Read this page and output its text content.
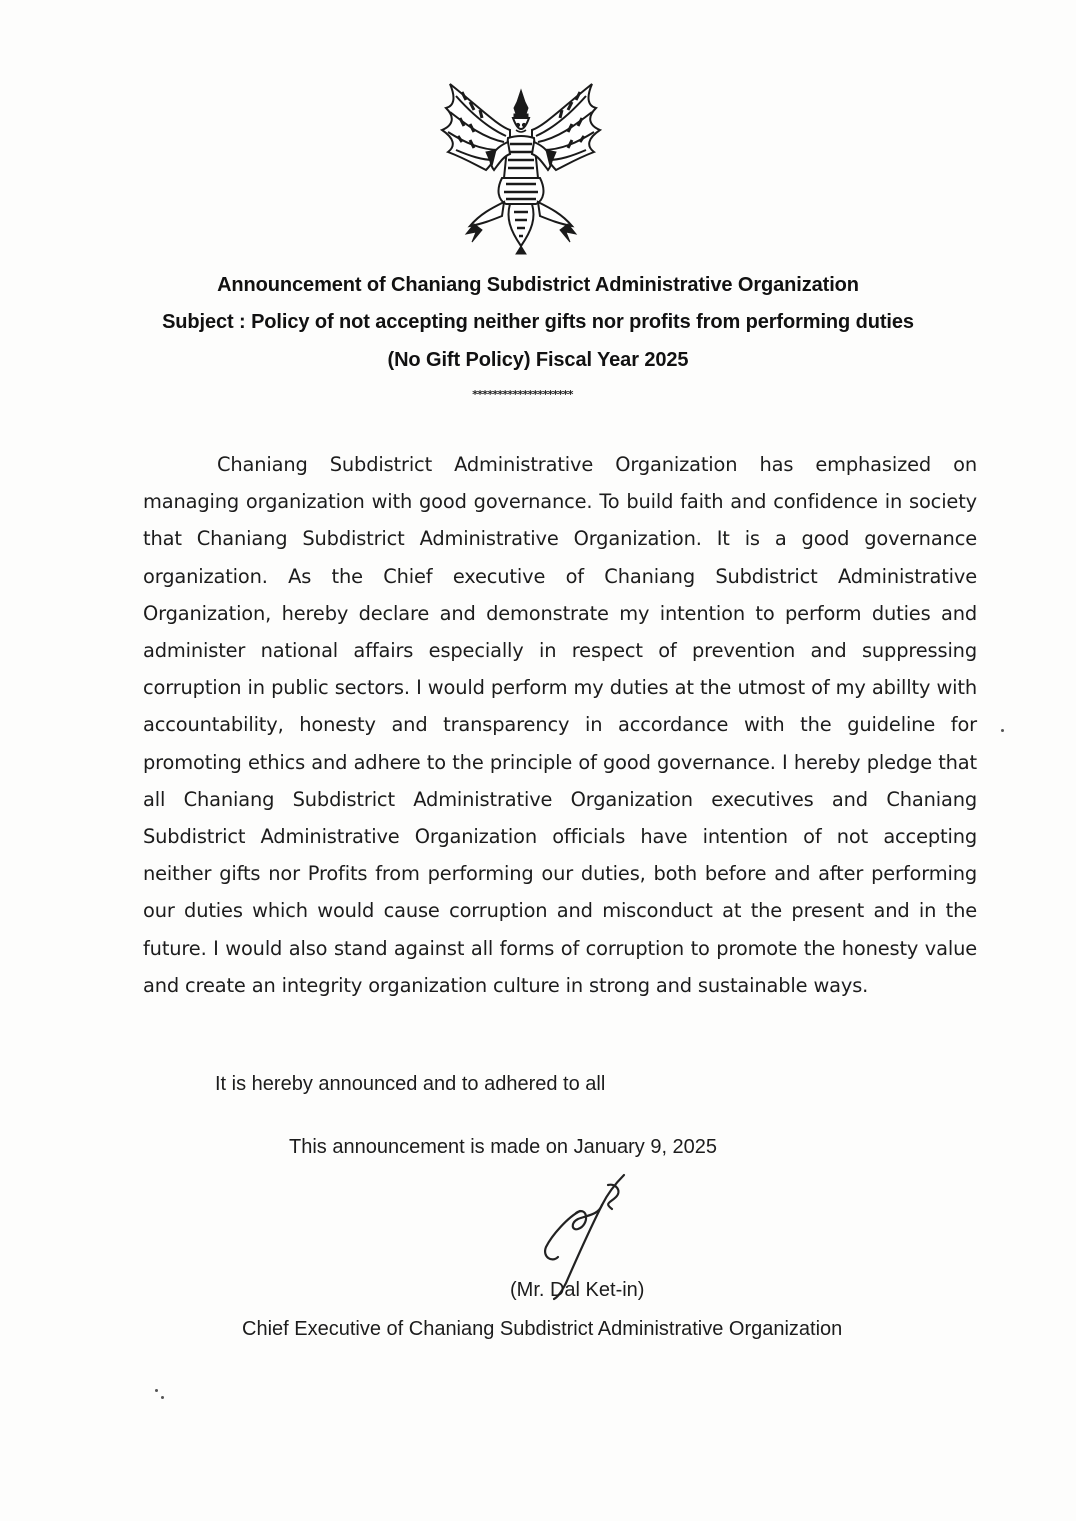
Announcement of Chaniang Subdistrict Administrative Organization

Subject : Policy of not accepting neither gifts nor profits from performing duties

(No Gift Policy) Fiscal Year 2025

********************

Chaniang Subdistrict Administrative Organization has emphasized on managing organization with good governance. To build faith and confidence in society that Chaniang Subdistrict Administrative Organization. It is a good governance organization. As the Chief executive of Chaniang Subdistrict Administrative Organization, hereby declare and demonstrate my intention to perform duties and administer national affairs especially in respect of prevention and suppressing corruption in public sectors. I would perform my duties at the utmost of my abillty with accountability, honesty and transparency in accordance with the guideline for promoting ethics and adhere to the principle of good governance. I hereby pledge that all Chaniang Subdistrict Administrative Organization executives and Chaniang Subdistrict Administrative Organization officials have intention of not accepting neither gifts nor Profits from performing our duties, both before and after performing our duties which would cause corruption and misconduct at the present and in the future. I would also stand against all forms of corruption to promote the honesty value and create an integrity organization culture in strong and sustainable ways.

It is hereby announced and to adhered to all

This announcement is made on January 9, 2025

(Mr. Dal Ket-in)

Chief Executive of Chaniang Subdistrict Administrative Organization
